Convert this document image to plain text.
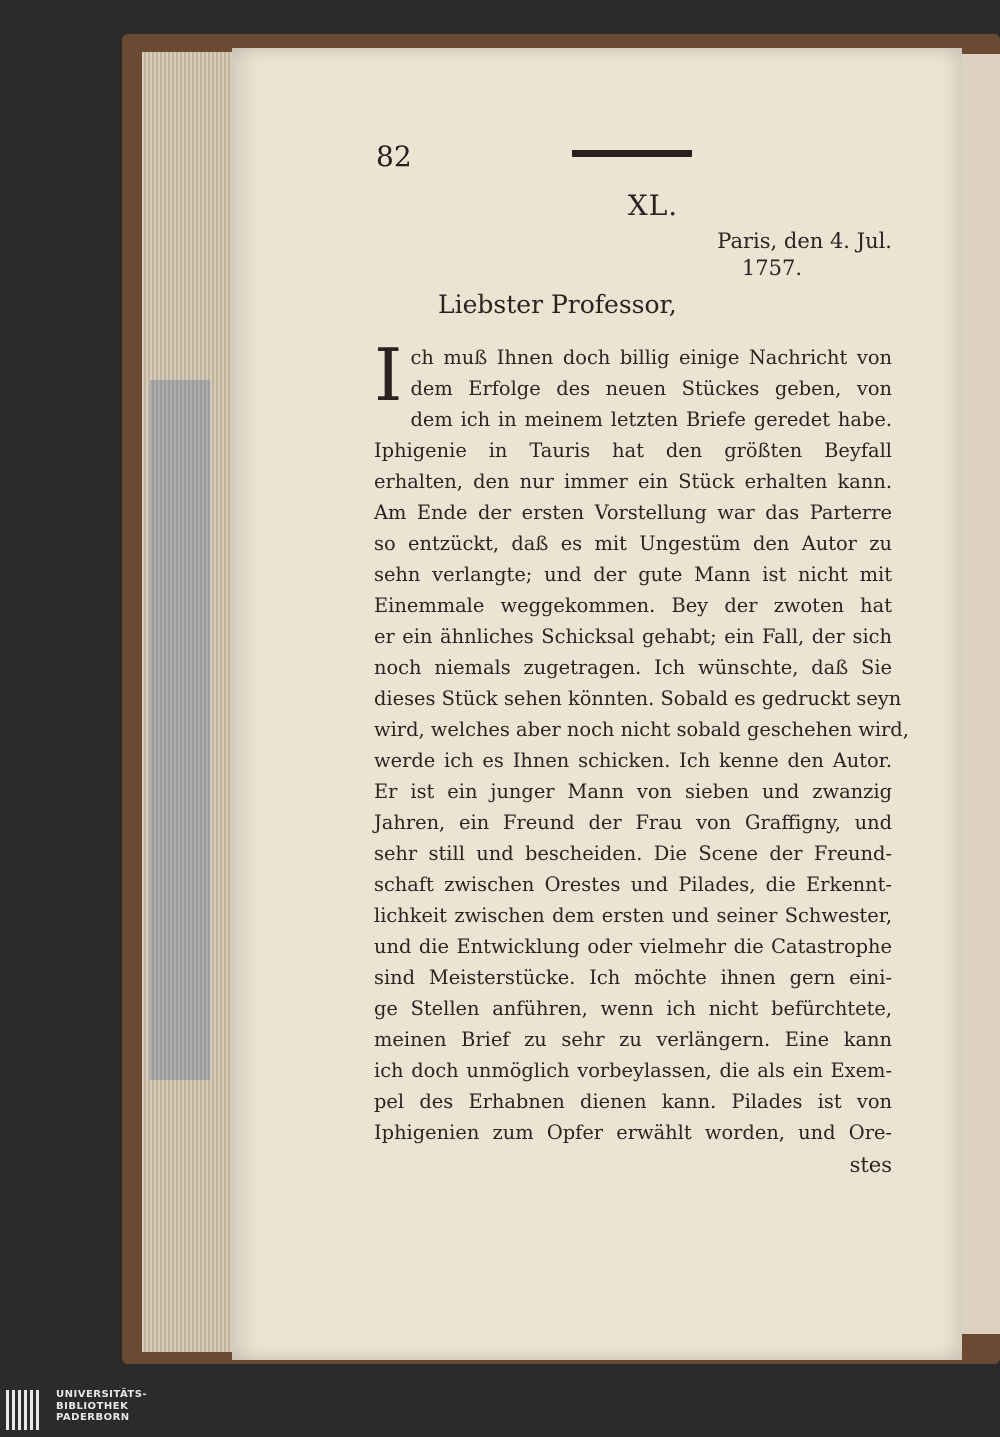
82

XL.

Paris, den 4. Jul.

1757.

Liebster Professor,

I ch muß Ihnen doch billig einige Nachricht von
dem Erfolge des neuen Stückes geben, von
dem ich in meinem letzten Briefe geredet habe.
Iphigenie in Tauris hat den größten Beyfall
erhalten, den nur immer ein Stück erhalten kann.
Am Ende der ersten Vorstellung war das Parterre
so entzückt, daß es mit Ungestüm den Autor zu
sehn verlangte; und der gute Mann ist nicht mit
Einemmale weggekommen. Bey der zwoten hat
er ein ähnliches Schicksal gehabt; ein Fall, der sich
noch niemals zugetragen. Ich wünschte, daß Sie
dieses Stück sehen könnten. Sobald es gedruckt seyn
wird, welches aber noch nicht sobald geschehen wird,
werde ich es Ihnen schicken. Ich kenne den Autor.
Er ist ein junger Mann von sieben und zwanzig
Jahren, ein Freund der Frau von Graffigny, und
sehr still und bescheiden. Die Scene der Freund-
schaft zwischen Orestes und Pilades, die Erkennt-
lichkeit zwischen dem ersten und seiner Schwester,
und die Entwicklung oder vielmehr die Catastrophe
sind Meisterstücke. Ich möchte ihnen gern eini-
ge Stellen anführen, wenn ich nicht befürchtete,
meinen Brief zu sehr zu verlängern. Eine kann
ich doch unmöglich vorbeylassen, die als ein Exem-
pel des Erhabnen dienen kann. Pilades ist von
Iphigenien zum Opfer erwählt worden, und Ore-
stes
UNIVERSITÄTS-
BIBLIOTHEK
PADERBORN
